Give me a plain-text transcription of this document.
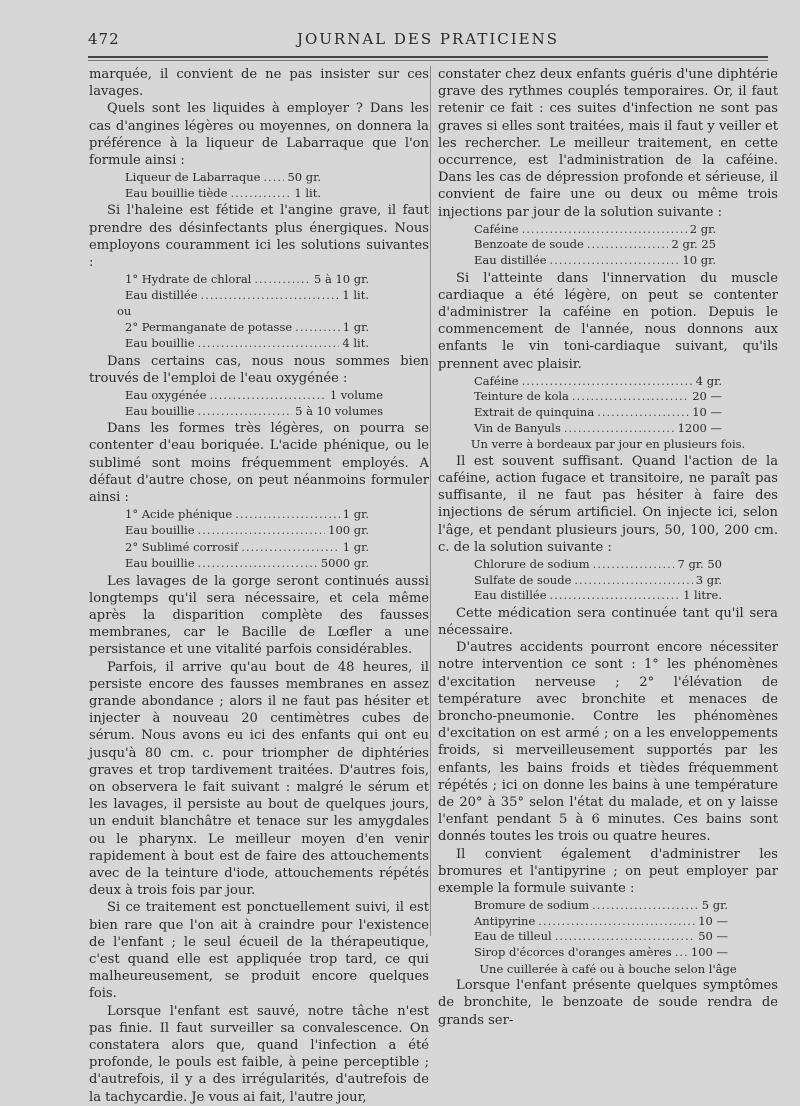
472	JOURNAL DES PRATICIENS

marquée, il convient de ne pas insister sur ces lavages.

Quels sont les liquides à employer ? Dans les cas d'angines légères ou moyennes, on donnera la préférence à la liqueur de Labarraque que l'on formule ainsi :

Liqueur de Labarraque ..... 50 gr.
Eau bouillie tiède .....	1 lit.

Si l'haleine est fétide et l'angine grave, il faut prendre des désinfectants plus énergiques. Nous employons couramment ici les solutions suivantes :

1° Hydrate de chloral .....	5 à 10 gr.
Eau distillée .....	1 lit.
ou
2° Permanganate de potasse .....	1 gr.
Eau bouillie .....	4 lit.

Dans certains cas, nous nous sommes bien trouvés de l'emploi de l'eau oxygénée :

Eau oxygénée .....	1 volume
Eau bouillie .....	5 à 10 volumes

Dans les formes très légères, on pourra se contenter d'eau boriquée. L'acide phénique, ou le sublimé sont moins fréquemment employés. A défaut d'autre chose, on peut néanmoins formuler ainsi :

1° Acide phénique .....	1 gr.
Eau bouillie .....	100 gr.
2° Sublimé corrosif .....	1 gr.
Eau bouillie .....	5000 gr.

Les lavages de la gorge seront continués aussi longtemps qu'il sera nécessaire, et cela même après la disparition complète des fausses membranes, car le Bacille de Lœfler a une persistance et une vitalité parfois considérables.

Parfois, il arrive qu'au bout de 48 heures, il persiste encore des fausses membranes en assez grande abondance ; alors il ne faut pas hésiter et injecter à nouveau 20 centimètres cubes de sérum. Nous avons eu ici des enfants qui ont eu jusqu'à 80 cm. c. pour triompher de diphtéries graves et trop tardivement traitées. D'autres fois, on observera le fait suivant : malgré le sérum et les lavages, il persiste au bout de quelques jours, un enduit blanchâtre et tenace sur les amygdales ou le pharynx. Le meilleur moyen d'en venir rapidement à bout est de faire des attouchements avec de la teinture d'iode, attouchements répétés deux à trois fois par jour.

Si ce traitement est ponctuellement suivi, il est bien rare que l'on ait à craindre pour l'existence de l'enfant ; le seul écueil de la thérapeutique, c'est quand elle est appliquée trop tard, ce qui malheureusement, se produit encore quelques fois.

Lorsque l'enfant est sauvé, notre tâche n'est pas finie. Il faut surveiller sa convalescence. On constatera alors que, quand l'infection a été profonde, le pouls est faible, à peine perceptible ; d'autrefois, il y a des irrégularités, d'autrefois de la tachycardie. Je vous ai fait, l'autre jour,

constater chez deux enfants guéris d'une diphtérie grave des rythmes couplés temporaires. Or, il faut retenir ce fait : ces suites d'infection ne sont pas graves si elles sont traitées, mais il faut y veiller et les rechercher. Le meilleur traitement, en cette occurrence, est l'administration de la caféine. Dans les cas de dépression profonde et sérieuse, il convient de faire une ou deux ou même trois injections par jour de la solution suivante :

Caféine .....	2 gr.
Benzoate de soude .....	2 gr. 25
Eau distillée .....	10 gr.

Si l'atteinte dans l'innervation du muscle cardiaque a été légère, on peut se contenter d'administrer la caféine en potion. Depuis le commencement de l'année, nous donnons aux enfants le vin toni-cardiaque suivant, qu'ils prennent avec plaisir.

Caféine .....	4 gr.
Teinture de kola .....	20 —
Extrait de quinquina .....	10 —
Vin de Banyuls .....	1200 —
Un verre à bordeaux par jour en plusieurs fois.

Il est souvent suffisant. Quand l'action de la caféine, action fugace et transitoire, ne paraît pas suffisante, il ne faut pas hésiter à faire des injections de sérum artificiel. On injecte ici, selon l'âge, et pendant plusieurs jours, 50, 100, 200 cm. c. de la solution suivante :

Chlorure de sodium .....	7 gr. 50
Sulfate de soude .....	3 gr.
Eau distillée .....	1 litre.

Cette médication sera continuée tant qu'il sera nécessaire.

D'autres accidents pourront encore nécessiter notre intervention ce sont : 1° les phénomènes d'excitation nerveuse ; 2° l'élévation de température avec bronchite et menaces de broncho-pneumonie. Contre les phénomènes d'excitation on est armé ; on a les enveloppements froids, si merveilleusement supportés par les enfants, les bains froids et tièdes fréquemment répétés ; ici on donne les bains à une température de 20° à 35° selon l'état du malade, et on y laisse l'enfant pendant 5 à 6 minutes. Ces bains sont donnés toutes les trois ou quatre heures.

Il convient également d'administrer les bromures et l'antipyrine ; on peut employer par exemple la formule suivante :

Bromure de sodium .....	5 gr.
Antipyrine .....	10 —
Eau de tilleul .....	50 —
Sirop d'écorces d'oranges amères ..... 100 —
Une cuillerée à café ou à bouche selon l'âge

Lorsque l'enfant présente quelques symptômes de bronchite, le benzoate de soude rendra de grands ser-
